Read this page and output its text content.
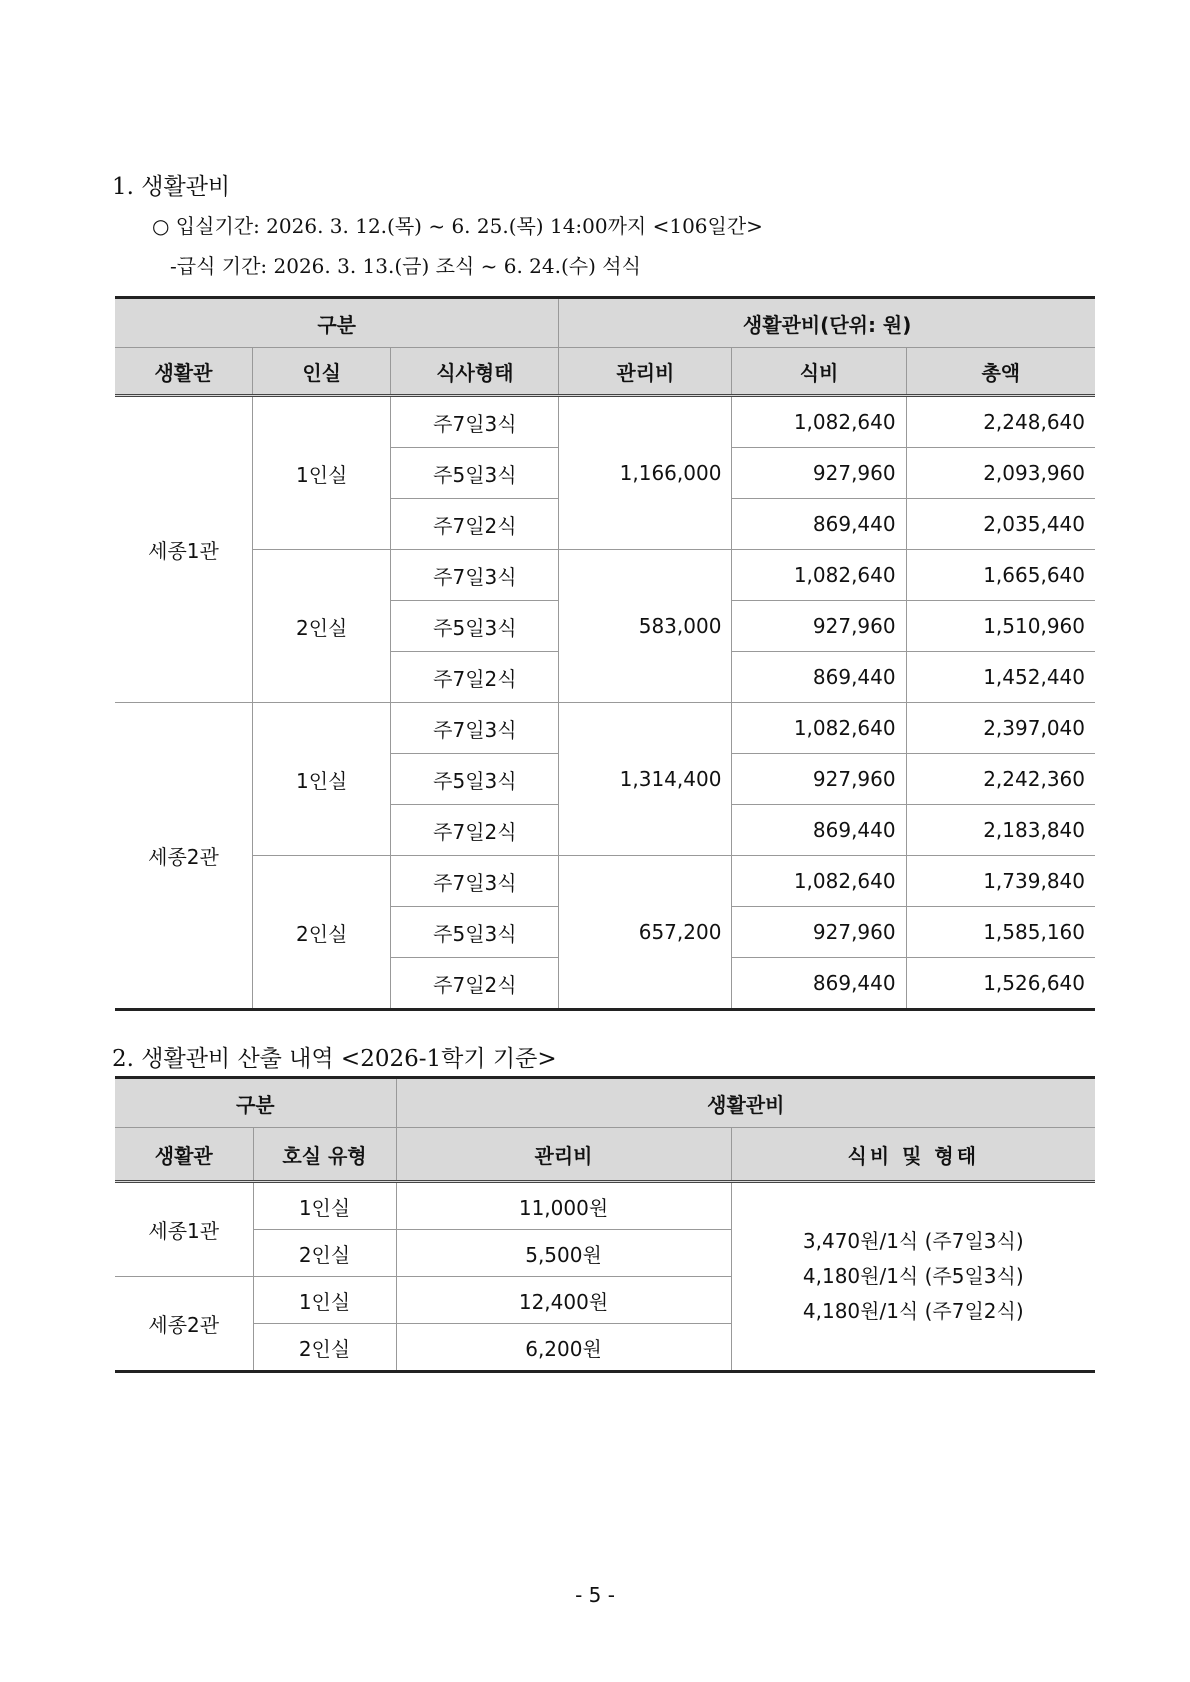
1. 생활관비
○ 입실기간: 2026. 3. 12.(목) ~ 6. 25.(목) 14:00까지 <106일간>
-급식 기간: 2026. 3. 13.(금) 조식 ~ 6. 24.(수) 석식
구분			생활관비(단위: 원)		
생활관	인실	식사형태	관리비	식비	총액
세종1관	1인실	주7일3식	1,166,000	1,082,640	2,248,640
		주5일3식		927,960	2,093,960
		주7일2식		869,440	2,035,440
	2인실	주7일3식	583,000	1,082,640	1,665,640
		주5일3식		927,960	1,510,960
		주7일2식		869,440	1,452,440
세종2관	1인실	주7일3식	1,314,400	1,082,640	2,397,040
		주5일3식		927,960	2,242,360
		주7일2식		869,440	2,183,840
	2인실	주7일3식	657,200	1,082,640	1,739,840
		주5일3식		927,960	1,585,160
		주7일2식		869,440	1,526,640
2. 생활관비 산출 내역 <2026-1학기 기준>
구분		생활관비	
생활관	호실 유형	관리비	식비 및 형태
세종1관	1인실	11,000원	3,470원/1식 (주7일3식)
4,180원/1식 (주5일3식)
4,180원/1식 (주7일2식)

	2인실	5,500원	
세종2관	1인실	12,400원	
	2인실	6,200원	
- 5 -
